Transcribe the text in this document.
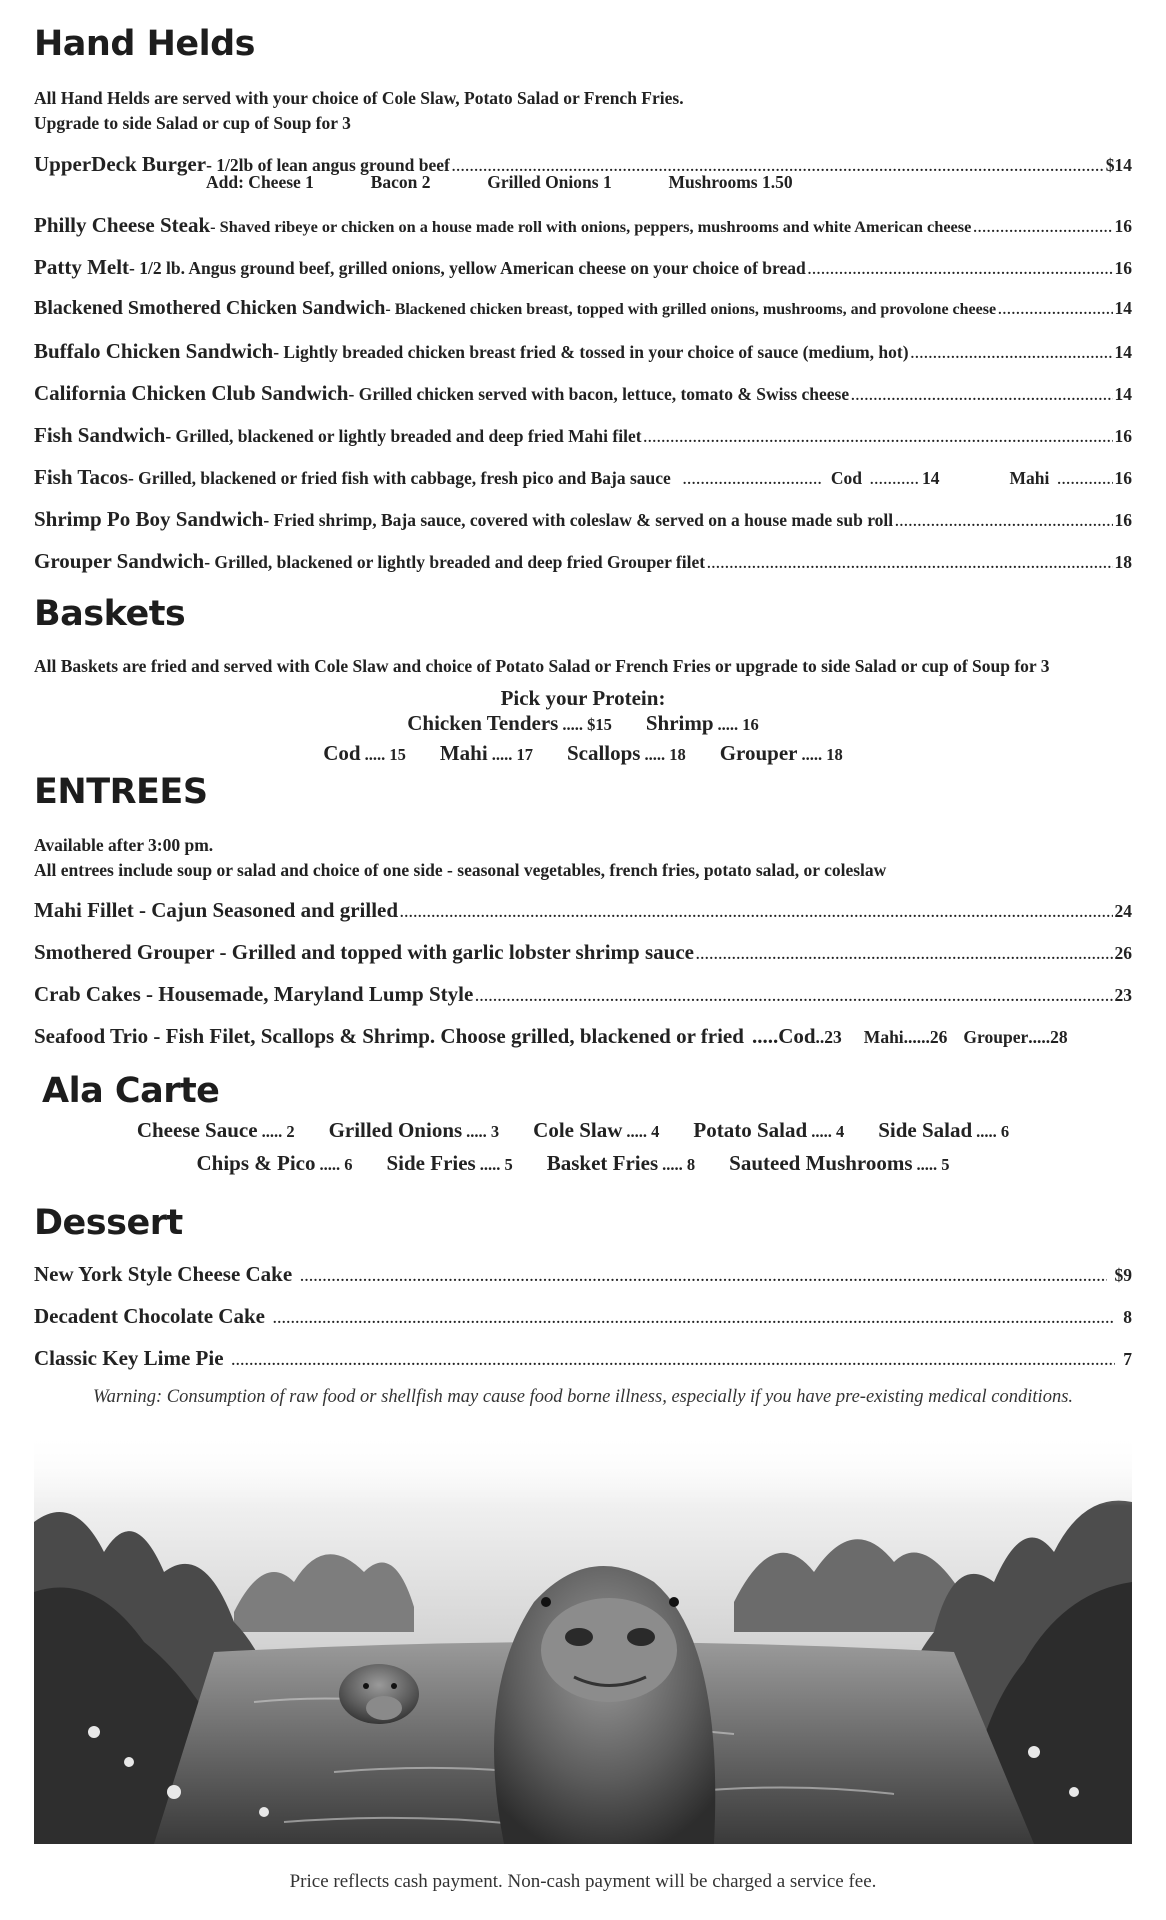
Hand Helds
All Hand Helds are served with your choice of Cole Slaw, Potato Salad or French Fries.
Upgrade to side Salad or cup of Soup for 3
UpperDeck Burger - 1/2lb of lean angus ground beef .....	$14
Add: Cheese 1	Bacon 2	Grilled Onions 1	Mushrooms 1.50
Philly Cheese Steak - Shaved ribeye or chicken on a house made roll with onions, peppers, mushrooms and white American cheese .....	16
Patty Melt - 1/2 lb. Angus ground beef, grilled onions, yellow American cheese on your choice of bread .....	16
Blackened Smothered Chicken Sandwich - Blackened chicken breast, topped with grilled onions, mushrooms, and provolone cheese .....	14
Buffalo Chicken Sandwich - Lightly breaded chicken breast fried & tossed in your choice of sauce (medium, hot) .....	14
California Chicken Club Sandwich - Grilled chicken served with bacon, lettuce, tomato & Swiss cheese .....	14
Fish Sandwich - Grilled, blackened or lightly breaded and deep fried Mahi filet .....	16
Fish Tacos - Grilled, blackened or fried fish with cabbage, fresh pico and Baja sauce .....	Cod .....	14	Mahi .....	16
Shrimp Po Boy Sandwich - Fried shrimp, Baja sauce, covered with coleslaw & served on a house made sub roll .....	16
Grouper Sandwich - Grilled, blackened or lightly breaded and deep fried Grouper filet .....	18
Baskets
All Baskets are fried and served with Cole Slaw and choice of Potato Salad or French Fries or upgrade to side Salad or cup of Soup for 3
Pick your Protein:
Chicken Tenders ..... $15 Shrimp ..... 16
Cod ..... 15 Mahi ..... 17 Scallops ..... 18 Grouper ..... 18
ENTREES
Available after 3:00 pm.
All entrees include soup or salad and choice of one side - seasonal vegetables, french fries, potato salad, or coleslaw
Mahi Fillet - Cajun Seasoned and grilled .....	24
Smothered Grouper - Grilled and topped with garlic lobster shrimp sauce .....	26
Crab Cakes - Housemade, Maryland Lump Style .....	23
Seafood Trio - Fish Filet, Scallops & Shrimp. Choose grilled, blackened or fried .....Cod ..23 Mahi ......26 Grouper .....28
Ala Carte
Cheese Sauce ..... 2 Grilled Onions ..... 3 Cole Slaw ..... 4 Potato Salad ..... 4 Side Salad ..... 6
Chips & Pico ..... 6 Side Fries ..... 5 Basket Fries ..... 8 Sauteed Mushrooms ..... 5
Dessert
New York Style Cheese Cake .....	$9
Decadent Chocolate Cake .....	8
Classic Key Lime Pie .....	7
Warning: Consumption of raw food or shellfish may cause food borne illness, especially if you have pre-existing medical conditions.
Price reflects cash payment. Non-cash payment will be charged a service fee.
